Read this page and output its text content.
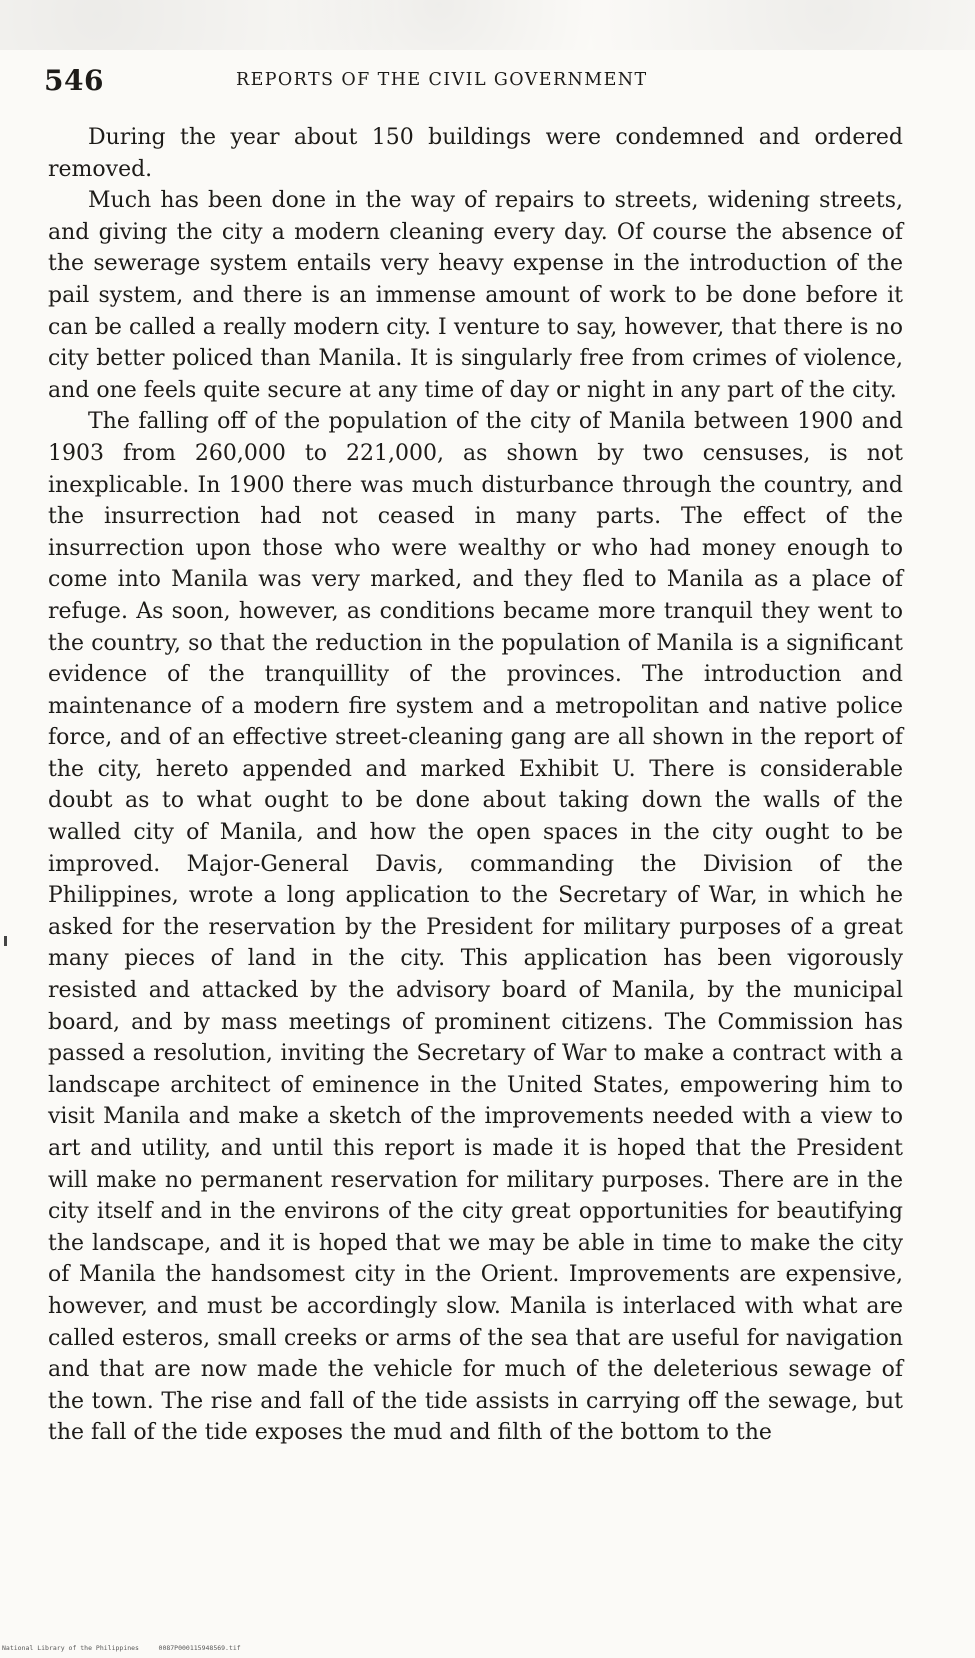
546	REPORTS OF THE CIVIL GOVERNMENT

During the year about 150 buildings were condemned and ordered removed.

Much has been done in the way of repairs to streets, widening streets, and giving the city a modern cleaning every day. Of course the absence of the sewerage system entails very heavy expense in the introduction of the pail system, and there is an immense amount of work to be done before it can be called a really modern city. I venture to say, however, that there is no city better policed than Manila. It is singularly free from crimes of violence, and one feels quite secure at any time of day or night in any part of the city.

The falling off of the population of the city of Manila between 1900 and 1903 from 260,000 to 221,000, as shown by two censuses, is not inexplicable. In 1900 there was much disturbance through the country, and the insurrection had not ceased in many parts. The effect of the insurrection upon those who were wealthy or who had money enough to come into Manila was very marked, and they fled to Manila as a place of refuge. As soon, however, as conditions became more tranquil they went to the country, so that the reduction in the population of Manila is a significant evidence of the tranquillity of the provinces. The introduction and maintenance of a modern fire system and a metropolitan and native police force, and of an effective street-cleaning gang are all shown in the report of the city, hereto appended and marked Exhibit U. There is considerable doubt as to what ought to be done about taking down the walls of the walled city of Manila, and how the open spaces in the city ought to be improved. Major-General Davis, commanding the Division of the Philippines, wrote a long application to the Secretary of War, in which he asked for the reservation by the President for military purposes of a great many pieces of land in the city. This application has been vigorously resisted and attacked by the advisory board of Manila, by the municipal board, and by mass meetings of prominent citizens. The Commission has passed a resolution, inviting the Secretary of War to make a contract with a landscape architect of eminence in the United States, empowering him to visit Manila and make a sketch of the improvements needed with a view to art and utility, and until this report is made it is hoped that the President will make no permanent reservation for military purposes. There are in the city itself and in the environs of the city great opportunities for beautifying the landscape, and it is hoped that we may be able in time to make the city of Manila the handsomest city in the Orient. Improvements are expensive, however, and must be accordingly slow. Manila is interlaced with what are called esteros, small creeks or arms of the sea that are useful for navigation and that are now made the vehicle for much of the deleterious sewage of the town. The rise and fall of the tide assists in carrying off the sewage, but the fall of the tide exposes the mud and filth of the bottom to the

National Library of the Philippines     0087P000115948569.tif
